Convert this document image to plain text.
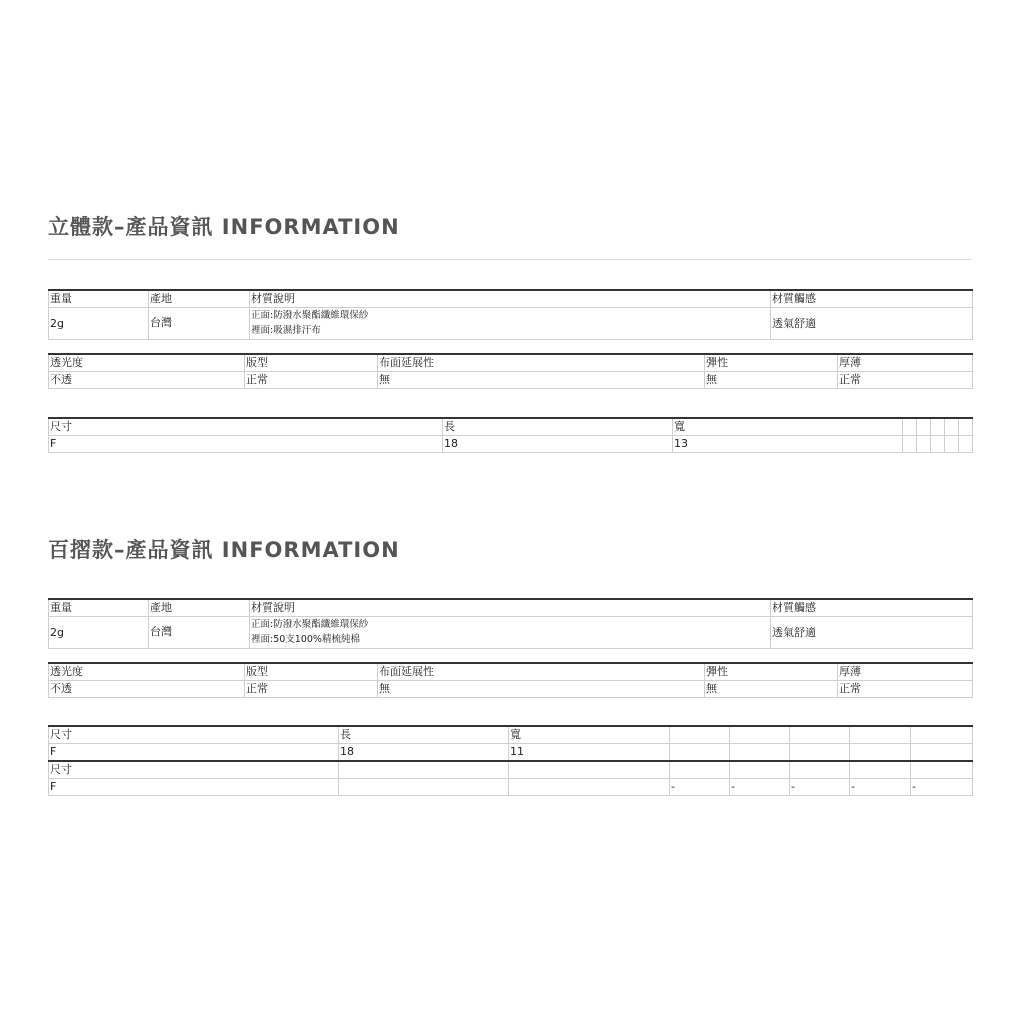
立體款–產品資訊 INFORMATION
重量	產地	材質說明	材質觸感
2g	台灣	正面:防潑水聚酯纖維環保紗
裡面:吸濕排汗布	透氣舒適
透光度	版型	布面延展性	彈性	厚薄
不透	正常	無	無	正常
尺寸	長	寬					
F	18	13					
百摺款–產品資訊 INFORMATION
重量	產地	材質說明	材質觸感
2g	台灣	正面:防潑水聚酯纖維環保紗
裡面:50支100%精梳純棉	透氣舒適
透光度	版型	布面延展性	彈性	厚薄
不透	正常	無	無	正常
尺寸	長	寬					
F	18	11					
尺寸							
F			-	-	-	-	-
